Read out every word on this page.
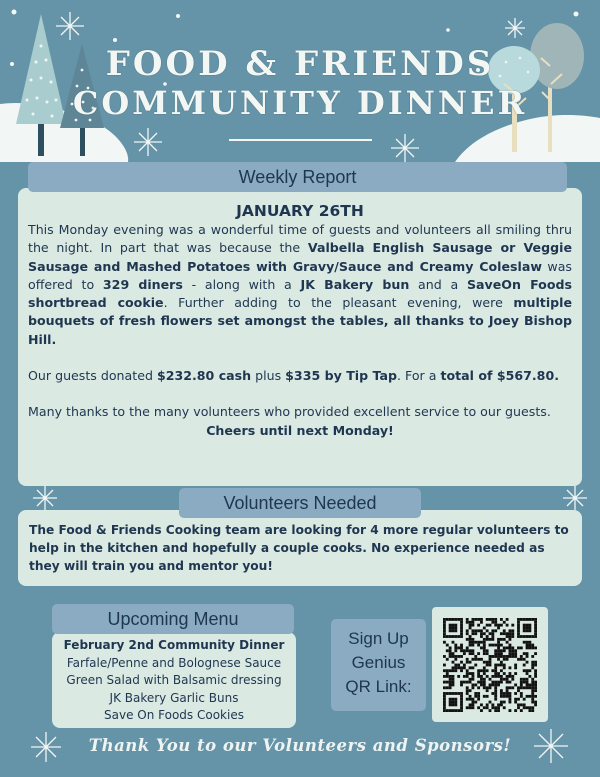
FOOD & FRIENDS
COMMUNITY DINNER
JANUARY 26TH

This Monday evening was a wonderful time of guests and volunteers all smiling thru the night. In part that was because the Valbella English Sausage or Veggie Sausage and Mashed Potatoes with Gravy/Sauce and Creamy Coleslaw was offered to 329 diners - along with a JK Bakery bun and a SaveOn Foods shortbread cookie. Further adding to the pleasant evening, were multiple bouquets of fresh flowers set amongst the tables, all thanks to Joey Bishop Hill.

Our guests donated $232.80 cash plus $335 by Tip Tap. For a total of $567.80.

Many thanks to the many volunteers who provided excellent service to our guests.

Cheers until next Monday!

Weekly Report

The Food & Friends Cooking team are looking for 4 more regular volunteers to help in the kitchen and hopefully a couple cooks. No experience needed as they will train you and mentor you!

Volunteers Needed
February 2nd Community Dinner
Farfale/Penne and Bolognese Sauce
Green Salad with Balsamic dressing
JK Bakery Garlic Buns
Save On Foods Cookies
Upcoming Menu
Sign Up
Genius
QR Link:
Thank You to our Volunteers and Sponsors!
